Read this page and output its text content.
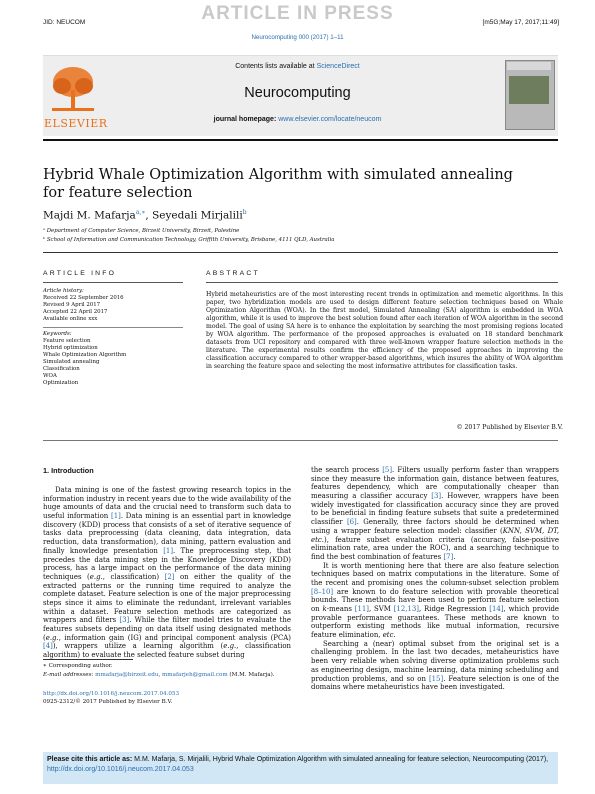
ARTICLE IN PRESS
JID: NEUCOM	[m5G;May 17, 2017;11:49]
Neurocomputing 000 (2017) 1–11
ELSEVIER
Contents lists available at ScienceDirect
Neurocomputing
journal homepage: www.elsevier.com/locate/neucom
Hybrid Whale Optimization Algorithm with simulated annealing for feature selection
Majdi M. Mafarja$^{a,∗}$, Seyedali Mirjalili$^b$
ᵃ Department of Computer Science, Birzeit University, Birzeit, Palestine
ᵇ School of Information and Communication Technology, Griffith University, Brisbane, 4111 QLD, Australia
ARTICLE INFO
Article history:
Received 22 September 2016
Revised 9 April 2017
Accepted 22 April 2017
Available online xxx
Keywords:
Feature selection
Hybrid optimization
Whale Optimization Algorithm
Simulated annealing
Classification
WOA
Optimization
ABSTRACT
Hybrid metaheuristics are of the most interesting recent trends in optimization and memetic algorithms. In this paper, two hybridization models are used to design different feature selection techniques based on Whale Optimization Algorithm (WOA). In the first model, Simulated Annealing (SA) algorithm is embedded in WOA algorithm, while it is used to improve the best solution found after each iteration of WOA algorithm in the second model. The goal of using SA here is to enhance the exploitation by searching the most promising regions located by WOA algorithm. The performance of the proposed approaches is evaluated on 18 standard benchmark datasets from UCI repository and compared with three well-known wrapper feature selection methods in the literature. The experimental results confirm the efficiency of the proposed approaches in improving the classification accuracy compared to other wrapper-based algorithms, which insures the ability of WOA algorithm in searching the feature space and selecting the most informative attributes for classification tasks.
© 2017 Published by Elsevier B.V.
1. Introduction

Data mining is one of the fastest growing research topics in the information industry in recent years due to the wide availability of the huge amounts of data and the crucial need to transform such data to useful information [1]. Data mining is an essential part in knowledge discovery (KDD) process that consists of a set of iterative sequence of tasks data preprocessing (data cleaning, data integration, data reduction, data transformation), data mining, pattern evaluation and finally knowledge presentation [1]. The preprocessing step, that precedes the data mining step in the Knowledge Discovery (KDD) process, has a large impact on the performance of the data mining techniques (e.g., classification) [2] on either the quality of the extracted patterns or the running time required to analyze the complete dataset. Feature selection is one of the major preprocessing steps since it aims to eliminate the redundant, irrelevant variables within a dataset. Feature selection methods are categorized as wrappers and filters [3]. While the filter model tries to evaluate the features subsets depending on data itself using designated methods (e.g., information gain (IG) and principal component analysis (PCA) [4]), wrappers utilize a learning algorithm (e.g., classification algorithm) to evaluate the selected feature subset during

the search process [5]. Filters usually perform faster than wrappers since they measure the information gain, distance between features, features dependency, which are computationally cheaper than measuring a classifier accuracy [3]. However, wrappers have been widely investigated for classification accuracy since they are proved to be beneficial in finding feature subsets that suite a predetermined classifier [6]. Generally, three factors should be determined when using a wrapper feature selection model: classifier (KNN, SVM, DT, etc.), feature subset evaluation criteria (accuracy, false-positive elimination rate, area under the ROC), and a searching technique to find the best combination of features [7].

It is worth mentioning here that there are also feature selection techniques based on matrix computations in the literature. Some of the recent and promising ones the column-subset selection problem [8–10] are known to do feature selection with provable theoretical bounds. These methods have been used to perform feature selection on k-means [11], SVM [12,13], Ridge Regression [14], which provide provable performance guarantees. These methods are known to outperform existing methods like mutual information, recursive feature elimination, etc.

Searching a (near) optimal subset from the original set is a challenging problem. In the last two decades, metaheuristics have been very reliable when solving diverse optimization problems such as engineering design, machine learning, data mining scheduling and production problems, and so on [15]. Feature selection is one of the domains where metaheuristics have been investigated.

∗ Corresponding author.
E-mail addresses: mmafarja@birzeit.edu, mmafarjeh@gmail.com (M.M. Mafarja).
http://dx.doi.org/10.1016/j.neucom.2017.04.053
0925-2312/© 2017 Published by Elsevier B.V.
Please cite this article as: M.M. Mafarja, S. Mirjalili, Hybrid Whale Optimization Algorithm with simulated annealing for feature selection, Neurocomputing (2017), http://dx.doi.org/10.1016/j.neucom.2017.04.053
